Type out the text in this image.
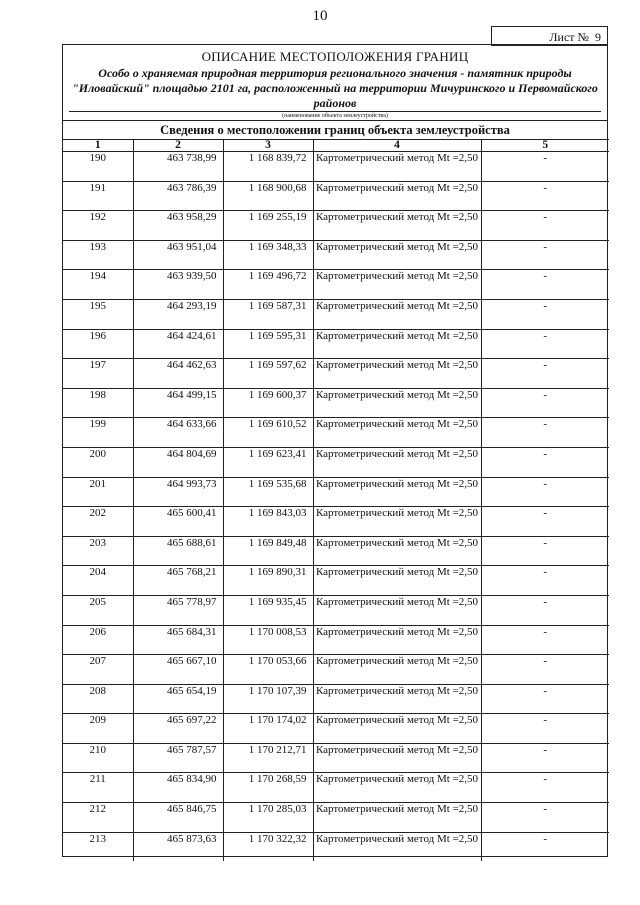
10
Лист № 9
ОПИСАНИЕ МЕСТОПОЛОЖЕНИЯ ГРАНИЦ
Особо о храняемая природная территория регионального значения - памятник природы "Иловайский" площадью 2101 га, расположенный на территории Мичуринского и Первомайского районов
(наименование объекта землеустройства)
Сведения о местоположении границ объекта землеустройства
1	2	3	4	5
190	463 738,99	1 168 839,72	Картометрический метод Mt =2,50	-
191	463 786,39	1 168 900,68	Картометрический метод Mt =2,50	-
192	463 958,29	1 169 255,19	Картометрический метод Mt =2,50	-
193	463 951,04	1 169 348,33	Картометрический метод Mt =2,50	-
194	463 939,50	1 169 496,72	Картометрический метод Mt =2,50	-
195	464 293,19	1 169 587,31	Картометрический метод Mt =2,50	-
196	464 424,61	1 169 595,31	Картометрический метод Mt =2,50	-
197	464 462,63	1 169 597,62	Картометрический метод Mt =2,50	-
198	464 499,15	1 169 600,37	Картометрический метод Mt =2,50	-
199	464 633,66	1 169 610,52	Картометрический метод Mt =2,50	-
200	464 804,69	1 169 623,41	Картометрический метод Mt =2,50	-
201	464 993,73	1 169 535,68	Картометрический метод Mt =2,50	-
202	465 600,41	1 169 843,03	Картометрический метод Mt =2,50	-
203	465 688,61	1 169 849,48	Картометрический метод Mt =2,50	-
204	465 768,21	1 169 890,31	Картометрический метод Mt =2,50	-
205	465 778,97	1 169 935,45	Картометрический метод Mt =2,50	-
206	465 684,31	1 170 008,53	Картометрический метод Mt =2,50	-
207	465 667,10	1 170 053,66	Картометрический метод Mt =2,50	-
208	465 654,19	1 170 107,39	Картометрический метод Mt =2,50	-
209	465 697,22	1 170 174,02	Картометрический метод Mt =2,50	-
210	465 787,57	1 170 212,71	Картометрический метод Mt =2,50	-
211	465 834,90	1 170 268,59	Картометрический метод Mt =2,50	-
212	465 846,75	1 170 285,03	Картометрический метод Mt =2,50	-
213	465 873,63	1 170 322,32	Картометрический метод Mt =2,50	-
